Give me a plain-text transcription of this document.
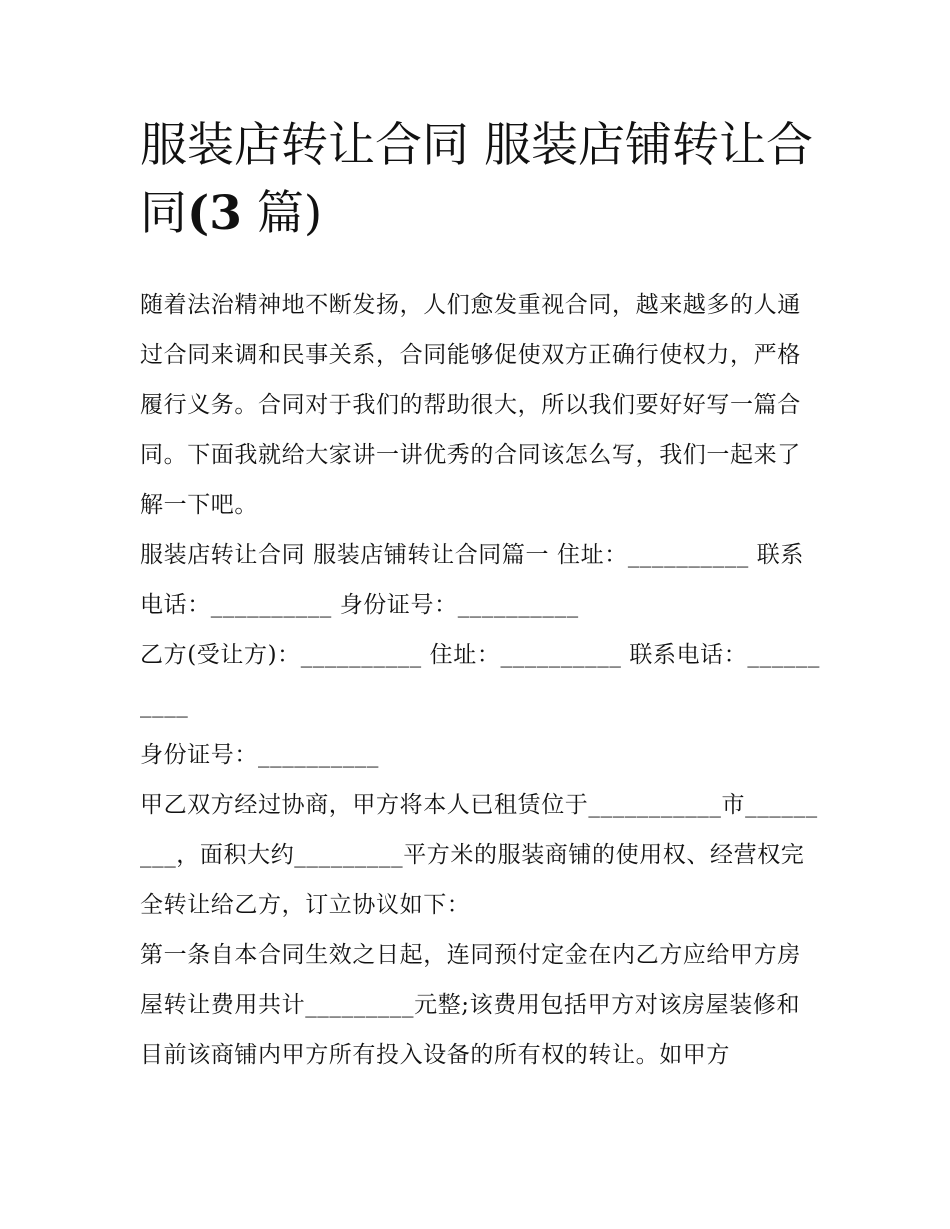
服装店转让合同 服装店铺转让合同(3 篇)

随着法治精神地不断发扬，人们愈发重视合同，越来越多的人通过合同来调和民事关系，合同能够促使双方正确行使权力，严格履行义务。合同对于我们的帮助很大，所以我们要好好写一篇合同。下面我就给大家讲一讲优秀的合同该怎么写，我们一起来了解一下吧。

服装店转让合同 服装店铺转让合同篇一 住址：__________ 联系电话：__________ 身份证号：__________

乙方(受让方)：__________ 住址：__________ 联系电话：__________

身份证号：__________

甲乙双方经过协商，甲方将本人已租赁位于___________市_________，面积大约_________平方米的服装商铺的使用权、经营权完全转让给乙方，订立协议如下：

第一条自本合同生效之日起，连同预付定金在内乙方应给甲方房屋转让费用共计_________元整;该费用包括甲方对该房屋装修和目前该商铺内甲方所有投入设备的所有权的转让。如甲方
